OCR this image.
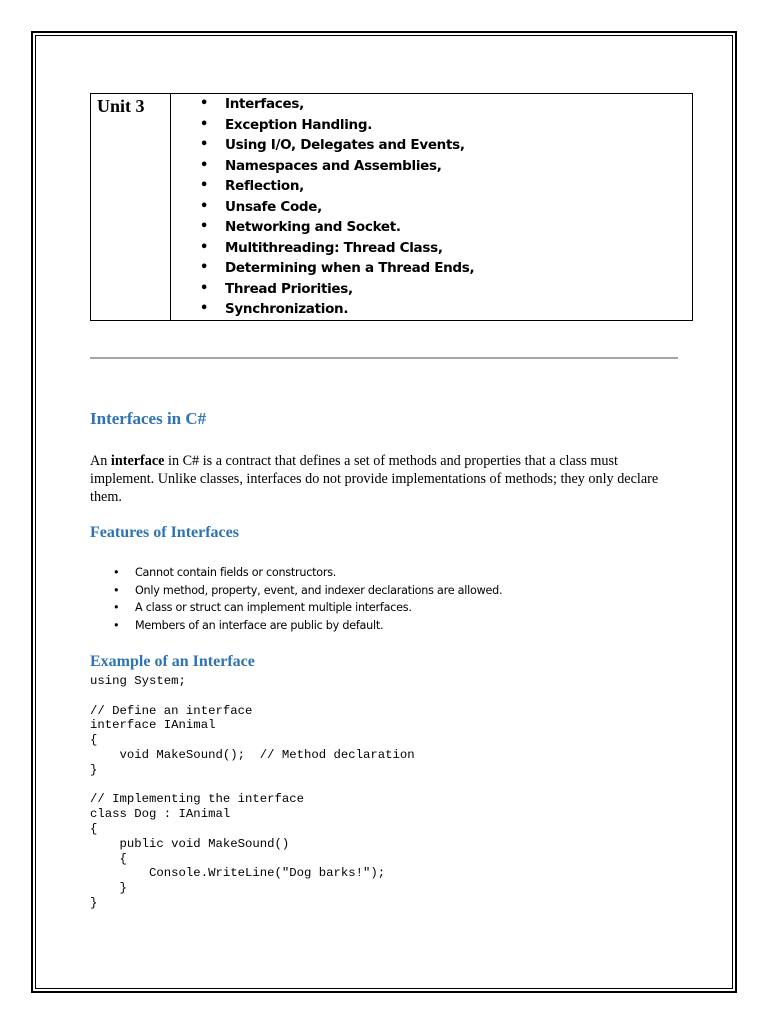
Unit 3	• Interfaces,
• Exception Handling.
• Using I/O, Delegates and Events,
• Namespaces and Assemblies,
• Reflection,
• Unsafe Code,
• Networking and Socket.
• Multithreading: Thread Class,
• Determining when a Thread Ends,
• Thread Priorities,
• Synchronization.
Interfaces in C#

An interface in C# is a contract that defines a set of methods and properties that a class must implement. Unlike classes, interfaces do not provide implementations of methods; they only declare them.

Features of Interfaces
• Cannot contain fields or constructors.
• Only method, property, event, and indexer declarations are allowed.
• A class or struct can implement multiple interfaces.
• Members of an interface are public by default.
Example of an Interface
using System;
// Define an interface
interface IAnimal
{
void MakeSound();  // Method declaration
}
// Implementing the interface
class Dog : IAnimal
{
public void MakeSound()
{
Console.WriteLine("Dog barks!");
}
}
